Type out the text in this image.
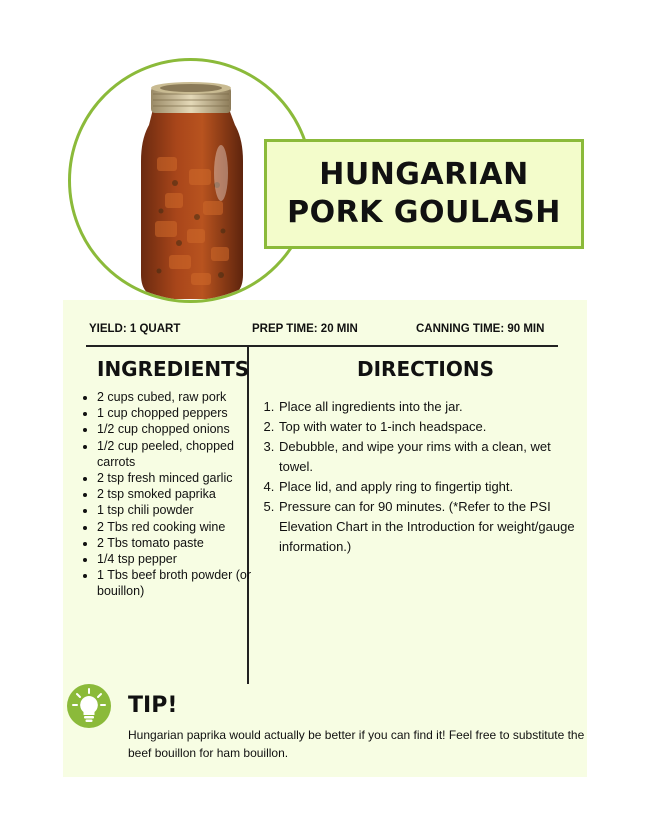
HUNGARIAN
PORK GOULASH
YIELD: 1 QUART	PREP TIME: 20 MIN	CANNING TIME: 90 MIN
INGREDIENTS
• 2 cups cubed, raw pork
• 1 cup chopped peppers
• 1/2 cup chopped onions
• 1/2 cup peeled, chopped carrots
• 2 tsp fresh minced garlic
• 2 tsp smoked paprika
• 1 tsp chili powder
• 2 Tbs red cooking wine
• 2 Tbs tomato paste
• 1/4 tsp pepper
• 1 Tbs beef broth powder (or bouillon)
DIRECTIONS
1. Place all ingredients into the jar.
2. Top with water to 1-inch headspace.
3. Debubble, and wipe your rims with a clean, wet towel.
4. Place lid, and apply ring to fingertip tight.
5. Pressure can for 90 minutes. (*Refer to the PSI Elevation Chart in the Introduction for weight/gauge information.)
TIP!
Hungarian paprika would actually be better if you can find it! Feel free to substitute the beef bouillon for ham bouillon.
